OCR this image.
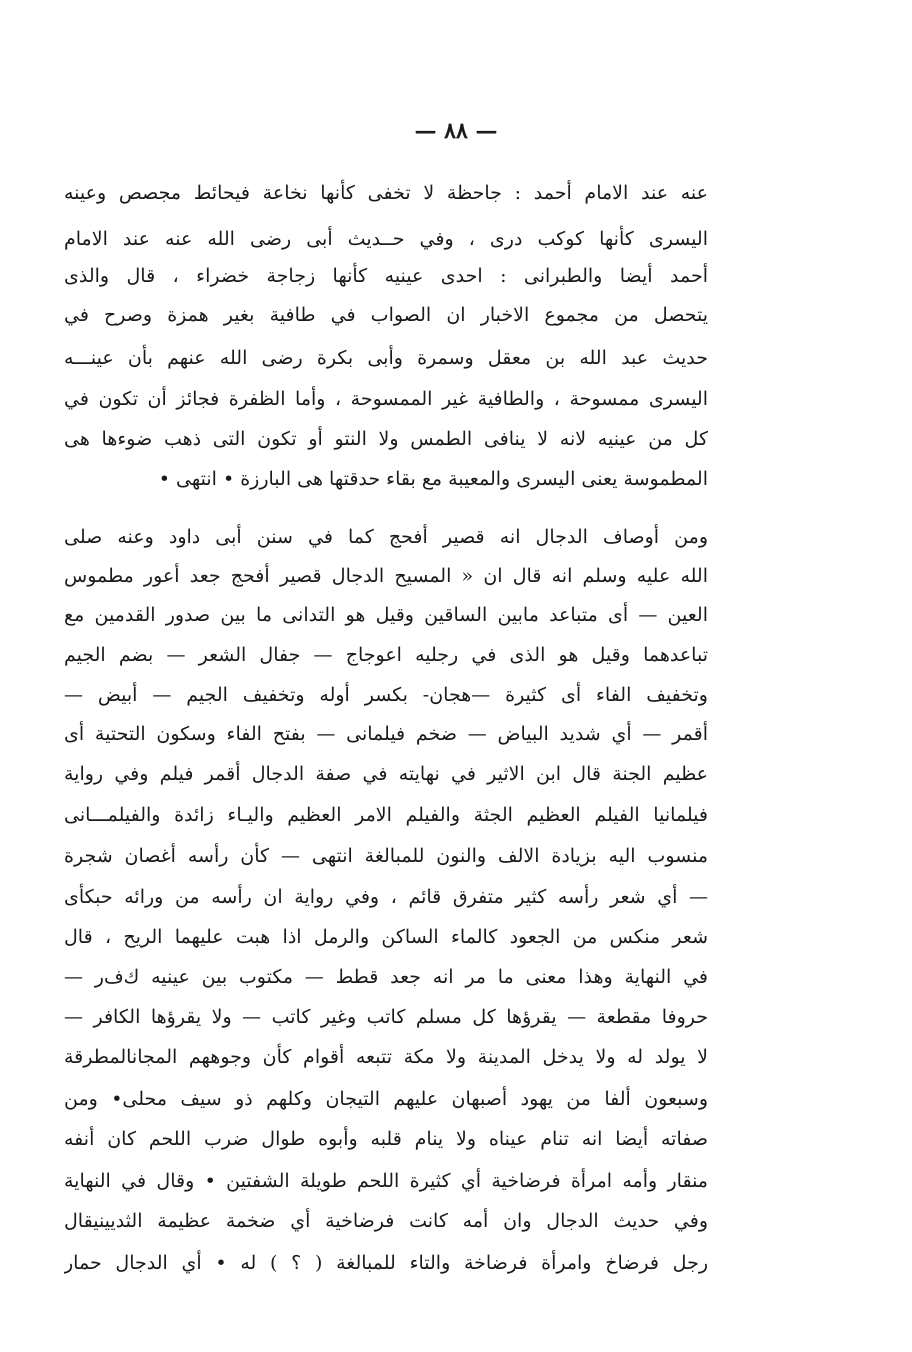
— ٨٨ —
عنه عند الامام أحمد : جاحظة لا تخفى كأنها نخاعة فيحائط مجصص وعينه
اليسرى كأنها كوكب درى ، وفي حــديث أبى رضى الله عنه عند الامام
أحمد أيضا والطبرانى : احدى عينيه كأنها زجاجة خضراء ، قال والذى
يتحصل من مجموع الاخبار ان الصواب في طافية بغير همزة وصرح في
حديث عبد الله بن معقل وسمرة وأبى بكرة رضى الله عنهم بأن عينـــه
اليسرى ممسوحة ، والطافية غير الممسوحة ، وأما الظفرة فجائز أن تكون في
كل من عينيه لانه لا ينافى الطمس ولا النتو أو تكون التى ذهب ضوءها هى
المطموسة يعنى اليسرى والمعيبة مع بقاء حدقتها هى البارزة • انتهى •
ومن أوصاف الدجال انه قصير أفحج كما في سنن أبى داود وعنه صلى
الله عليه وسلم انه قال ان « المسيح الدجال قصير أفحج جعد أعور مطموس
العين — أى متباعد مابين الساقين وقيل هو التدانى ما بين صدور القدمين مع
تباعدهما وقيل هو الذى في رجليه اعوجاج — جفال الشعر — بضم الجيم
وتخفيف الفاء أى كثيرة —هجان- بكسر أوله وتخفيف الجيم — أبيض —
أقمر — أي شديد البياض — ضخم فيلمانى — بفتح الفاء وسكون التحتية أى
عظيم الجنة قال ابن الاثير في نهايته في صفة الدجال أقمر فيلم وفي رواية
فيلمانيا الفيلم العظيم الجثة والفيلم الامر العظيم واليـاء زائدة والفيلمـــانى
منسوب اليه بزيادة الالف والنون للمبالغة انتهى — كأن رأسه أغصان شجرة
— أي شعر رأسه كثير متفرق قائم ، وفي رواية ان رأسه من ورائه حبكأى
شعر منكس من الجعود كالماء الساكن والرمل اذا هبت عليهما الريح ، قال
في النهاية وهذا معنى ما مر انه جعد قطط — مكتوب بين عينيه ك‌ف‌ر —
حروفا مقطعة — يقرؤها كل مسلم كاتب وغير كاتب — ولا يقرؤها الكافر —
لا يولد له ولا يدخل المدينة ولا مكة تتبعه أقوام كأن وجوههم المجانالمطرقة
وسبعون ألفا من يهود أصبهان عليهم التيجان وكلهم ذو سيف محلى• ومن
صفاته أيضا انه تنام عيناه ولا ينام قلبه وأبوه طوال ضرب اللحم كان أنفه
منقار وأمه امرأة فرضاخية أي كثيرة اللحم طويلة الشفتين • وقال في النهاية
وفي حديث الدجال وان أمه كانت فرضاخية أي ضخمة عظيمة الثديينيقال
رجل فرضاخ وامرأة فرضاخة والتاء للمبالغة ( ؟ ) له • أي الدجال حمار
